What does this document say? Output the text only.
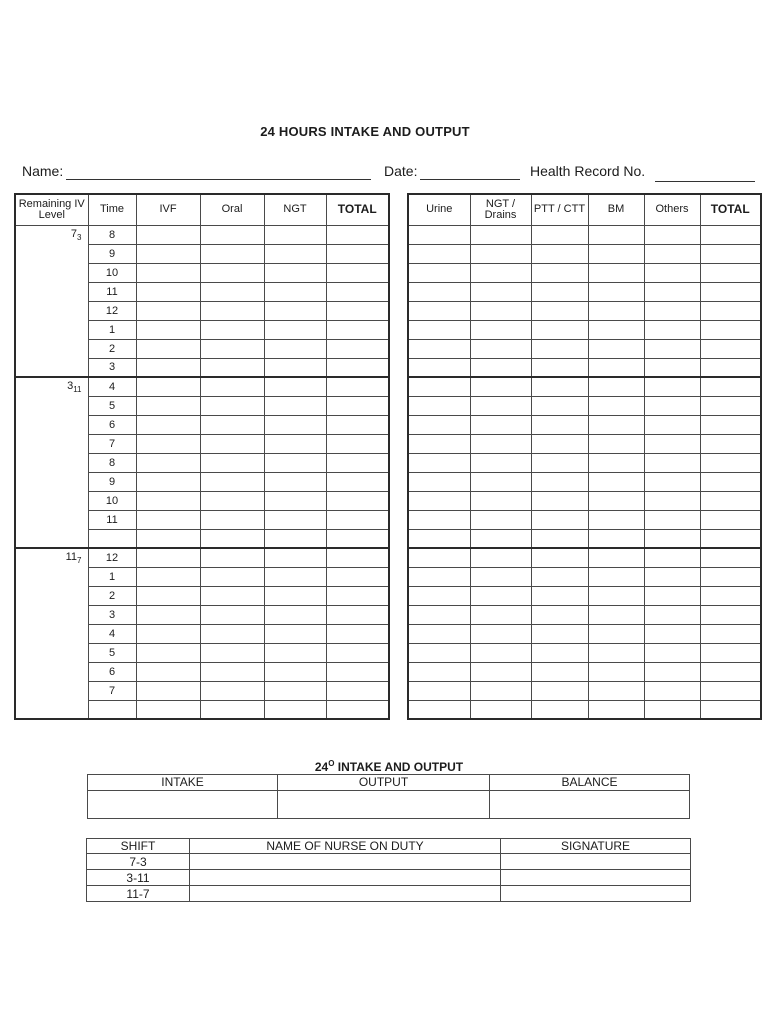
24 HOURS INTAKE AND OUTPUT
Name:	Date:	Health Record No.
Remaining IV Level	Time	IVF	Oral	NGT	TOTAL
$7_3$	8				
	9				
	10				
	11				
	12				
	1				
	2				
	3				
$3_{11}$	4				
	5				
	6				
	7				
	8				
	9				
	10				
	11				

$11_7$	12				
	1				
	2				
	3				
	4				
	5				
	6				
	7				

Urine	NGT / Drains	PTT / CTT	BM	Others	TOTAL

$24^O$ INTAKE AND OUTPUT
INTAKE	OUTPUT	BALANCE

SHIFT	NAME OF NURSE ON DUTY	SIGNATURE
7-3		
3-11		
11-7		
